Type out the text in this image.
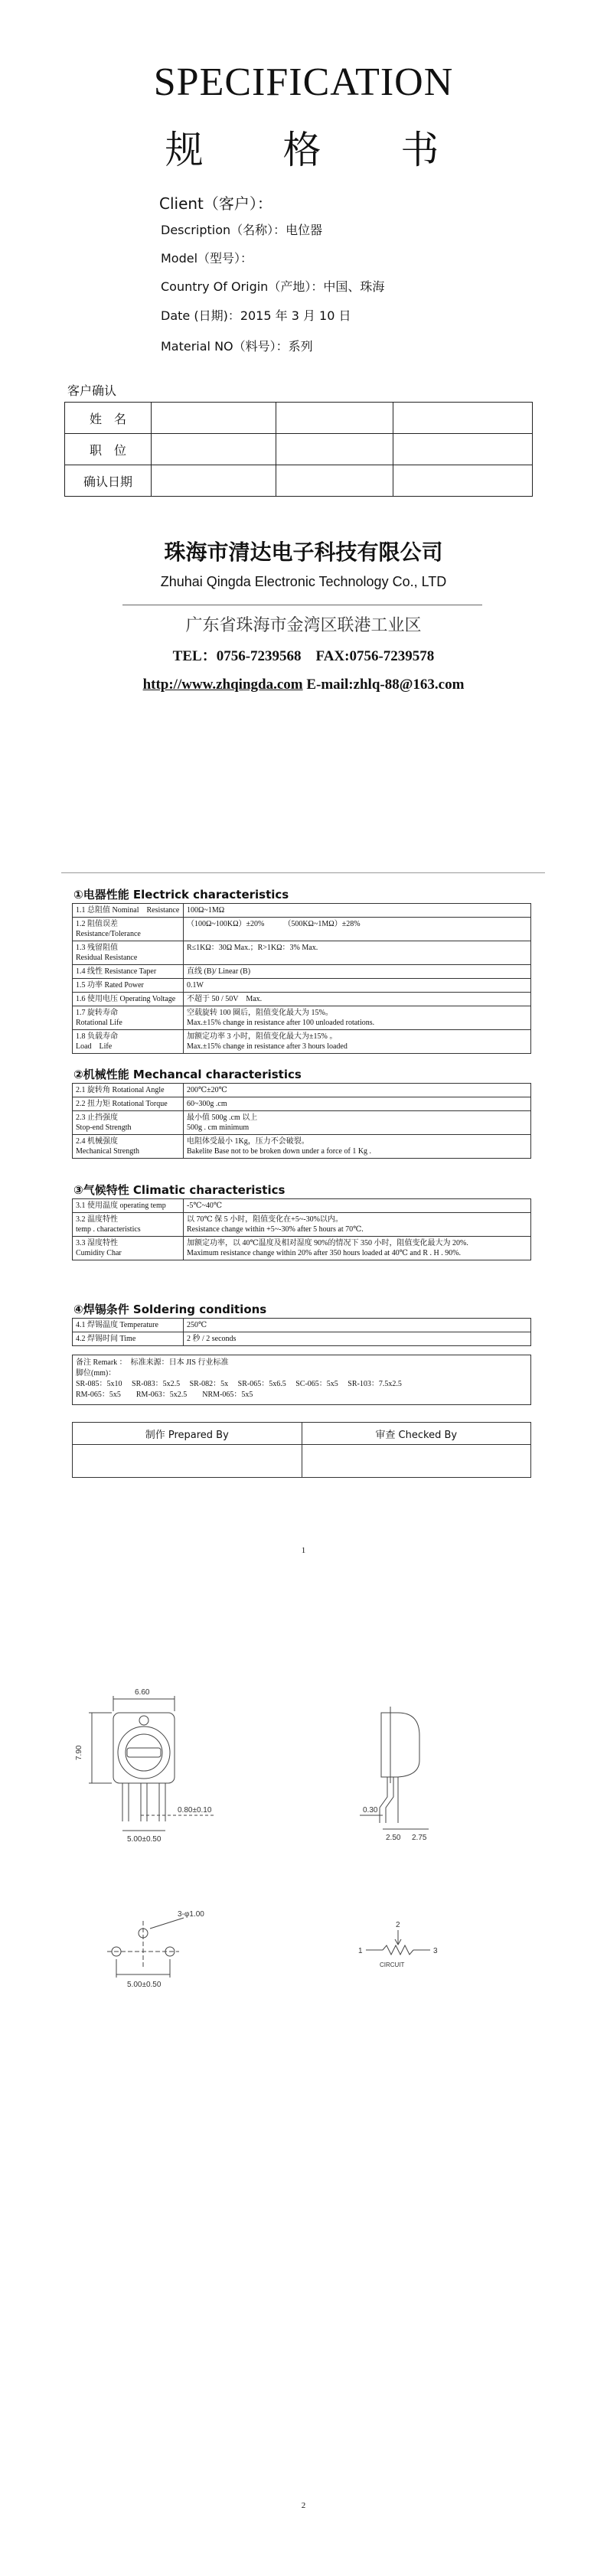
SPECIFICATION
规 格 书
Client（客户）：
Description（名称）：电位器
Model（型号）：
Country Of Origin（产地）：中国、珠海
Date (日期)：2015 年 3 月 10 日
Material NO（料号）：系列
客户确认
姓　名			
职　位			
确认日期			
珠海市清达电子科技有限公司
Zhuhai Qingda Electronic Technology Co., LTD
广东省珠海市金湾区联港工业区
TEL：0756-7239568　FAX:0756-7239578
http://www.zhqingda.com E-mail:zhlq-88@163.com
①电器性能 Electrick characteristics
1.1 总阻值 Nominal　Resistance	100Ω~1MΩ
1.2 阻值误差 Resistance/Tolerance	（100Ω~100KΩ）±20%　　　（500KΩ~1MΩ）±28%
1.3 残留阻值
Residual Resistance	R≤1KΩ：30Ω Max.；R>1KΩ：3% Max.
1.4 线性 Resistance Taper	直线 (B)/ Linear (B)
1.5 功率 Rated Power	0.1W
1.6 使用电压 Operating Voltage	不超于 50 / 50V　Max.
1.7 旋转寿命
Rotational Life	空载旋转 100 圈后，阻值变化最大为 15%。
Max.±15% change in resistance after 100 unloaded rotations.
1.8 负载寿命
Load　Life	加额定功率 3 小时，阻值变化最大为±15% 。
Max.±15% change in resistance after 3 hours loaded
②机械性能 Mechancal characteristics
2.1 旋转角 Rotational Angle	200℃±20℃
2.2 扭力矩 Rotational Torque	60~300g .cm
2.3 止挡强度
Stop-end Strength	最小值 500g .cm 以上
500g . cm minimum
2.4 机械强度
Mechanical Strength	电阻体受最小 1Kg，压力不会破裂。
Bakelite Base not to be broken down under a force of 1 Kg .
③气候特性 Climatic characteristics
3.1 使用温度 operating temp	-5℃~40℃
3.2 温度特性
temp . characteristics	以 70℃ 保 5 小时，阻值变化在+5~-30%以内。
Resistance change within +5~-30% after 5 hours at 70℃.
3.3 湿度特性
Cumidity Char	加额定功率，以 40℃温度及相对湿度 90%的情况下 350 小时，阻值变化最大为 20%.
Maximum resistance change within 20% after 350 hours loaded at 40℃ and R . H . 90%.
④焊锡条件 Soldering conditions
4.1 焊锡温度 Temperature	250℃
4.2 焊锡时间 Time	2 秒 / 2 seconds
备注 Remark ：　标准来源：日本 JIS 行业标准
脚位(mm)：
SR-085：5x10　 SR-083：5x2.5　 SR-082：5x　 SR-065：5x6.5　 SC-065：5x5　 SR-103：7.5x2.5
RM-065：5x5　　RM-063：5x2.5　　NRM-065：5x5
制作 Prepared By	审查 Checked By

1
6.60
7.90
0.80±0.10
5.00±0.50
0.30
2.50 2.75
3-φ1.00
5.00±0.50
1
2
3
CIRCUIT
2
